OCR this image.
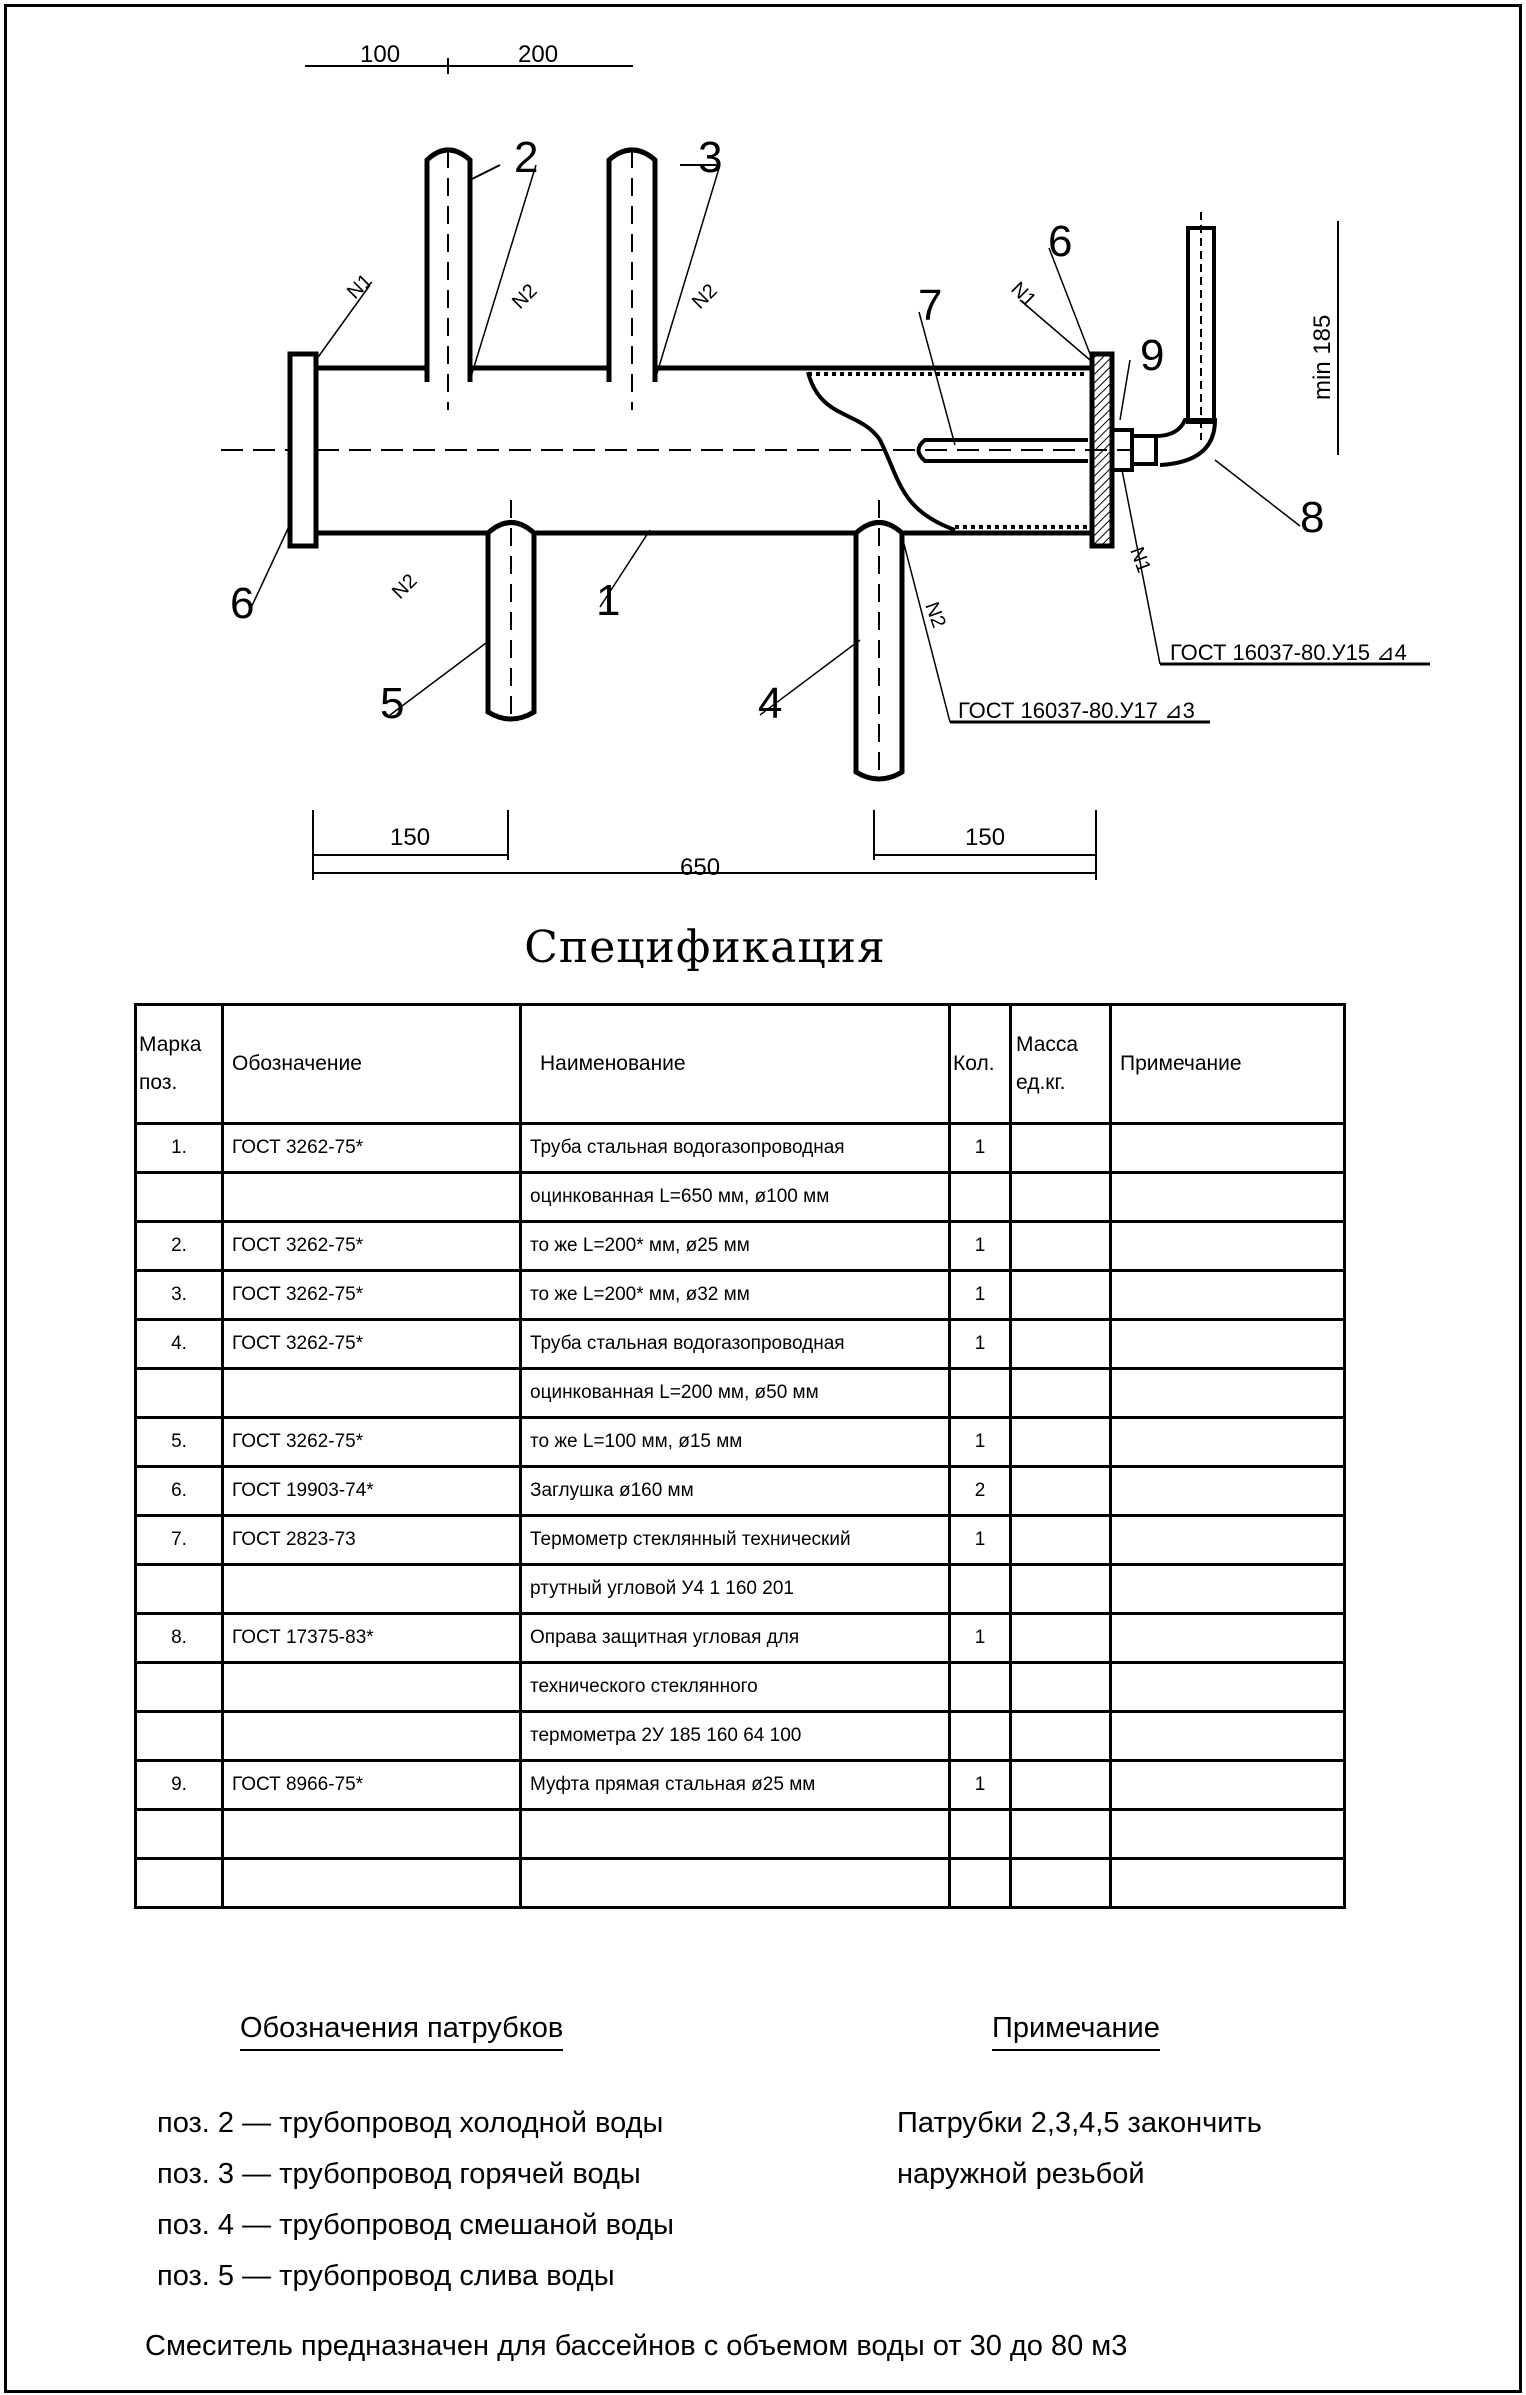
100	200
150	150
650
min 185
2	3
6
7
9
8
6	1
5	4
N1	N1
N2	N2
N2
N2
N1
ГОСТ 16037-80.У15 ⊿4
ГОСТ 16037-80.У17 ⊿3
Спецификация
Марка поз.	Обозначение	Наименование	Кол.	Масса ед.кг.	Примечание
1.	ГОСТ 3262-75*	Труба стальная водогазопроводная	1		
		оцинкованная L=650 мм, ø100 мм			
2.	ГОСТ 3262-75*	то же L=200* мм, ø25 мм	1		
3.	ГОСТ 3262-75*	то же L=200* мм, ø32 мм	1		
4.	ГОСТ 3262-75*	Труба стальная водогазопроводная	1		
		оцинкованная L=200 мм, ø50 мм			
5.	ГОСТ 3262-75*	то же L=100 мм, ø15 мм	1		
6.	ГОСТ 19903-74*	Заглушка ø160 мм	2		
7.	ГОСТ 2823-73	Термометр стеклянный технический	1		
		ртутный угловой У4 1 160 201			
8.	ГОСТ 17375-83*	Оправа защитная угловая для	1		
		технического стеклянного			
		термометра 2У 185 160 64 100			
9.	ГОСТ 8966-75*	Муфта прямая стальная ø25 мм	1		

Обозначения патрубков	Примечание
поз. 2 — трубопровод холодной воды
поз. 3 — трубопровод горячей воды
поз. 4 — трубопровод смешаной воды
поз. 5 — трубопровод слива воды
Патрубки 2,3,4,5 закончить
наружной резьбой
Смеситель предназначен для бассейнов с объемом воды от 30 до 80 м3
